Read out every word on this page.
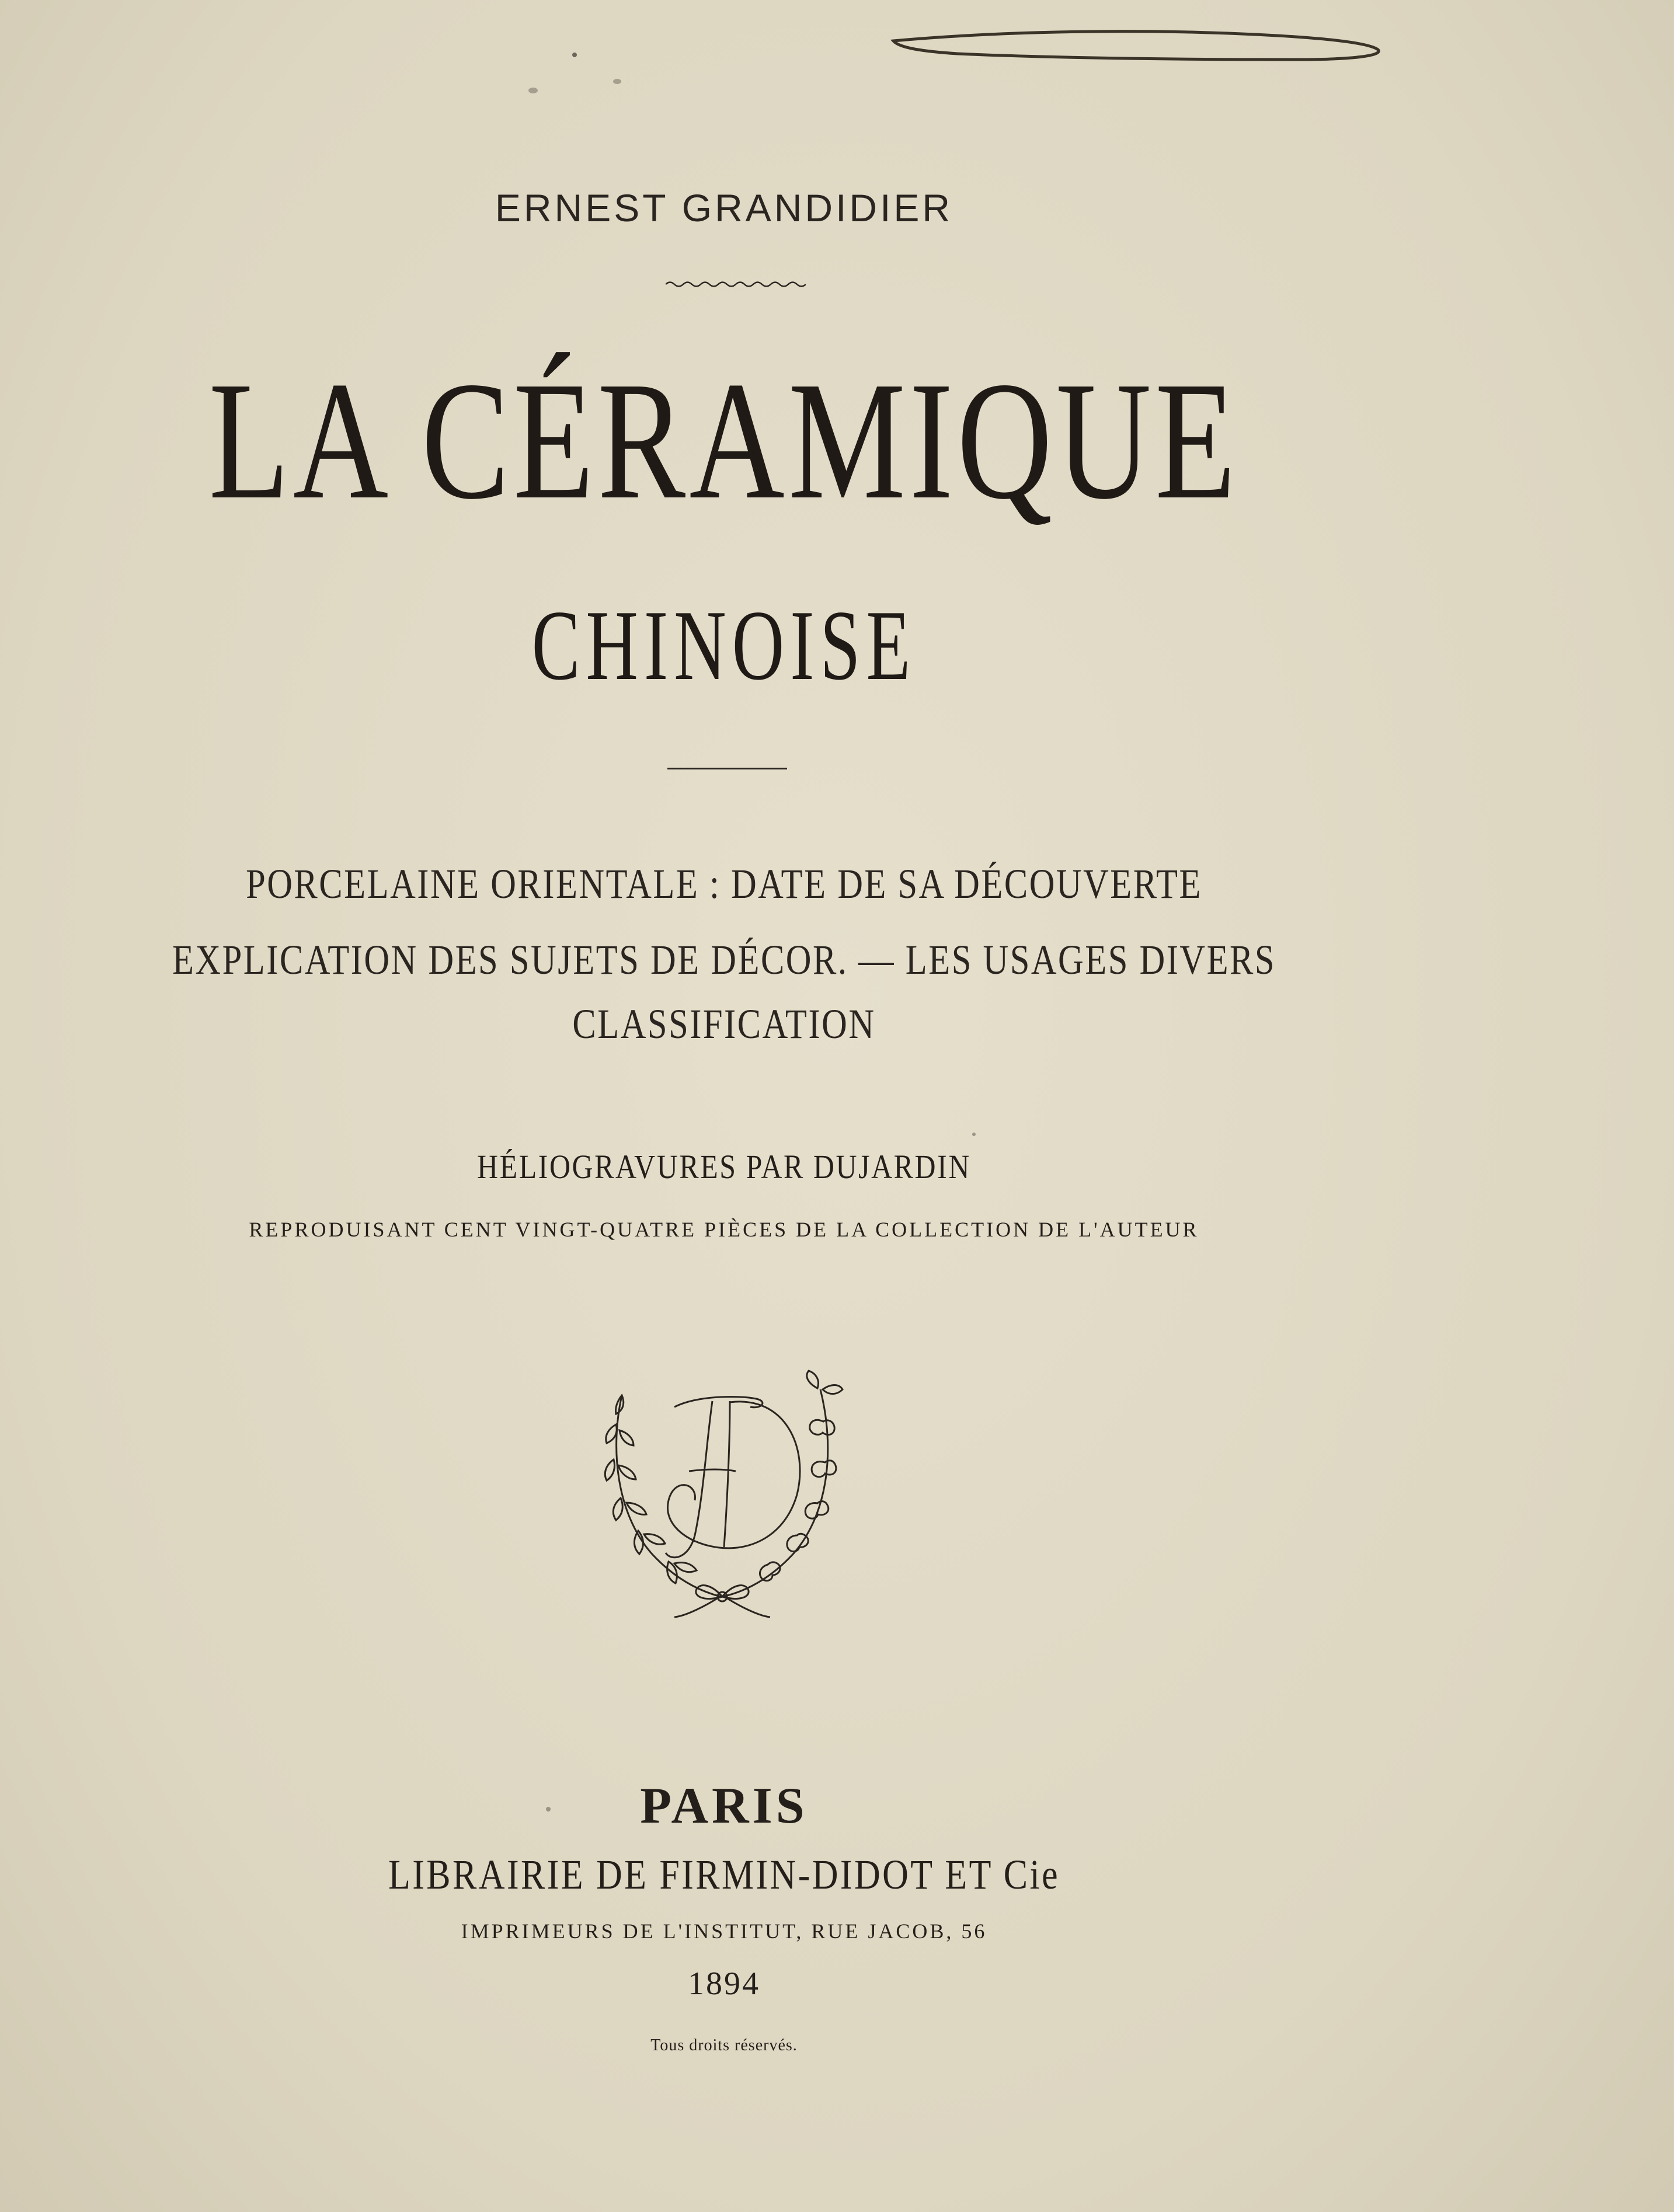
ERNEST GRANDIDIER
LA CÉRAMIQUE
CHINOISE
PORCELAINE ORIENTALE : DATE DE SA DÉCOUVERTE
EXPLICATION DES SUJETS DE DÉCOR. — LES USAGES DIVERS
CLASSIFICATION
HÉLIOGRAVURES PAR DUJARDIN
REPRODUISANT CENT VINGT-QUATRE PIÈCES DE LA COLLECTION DE L'AUTEUR
PARIS
LIBRAIRIE DE FIRMIN-DIDOT ET Cie
IMPRIMEURS DE L'INSTITUT, RUE JACOB, 56
1894
Tous droits réservés.
